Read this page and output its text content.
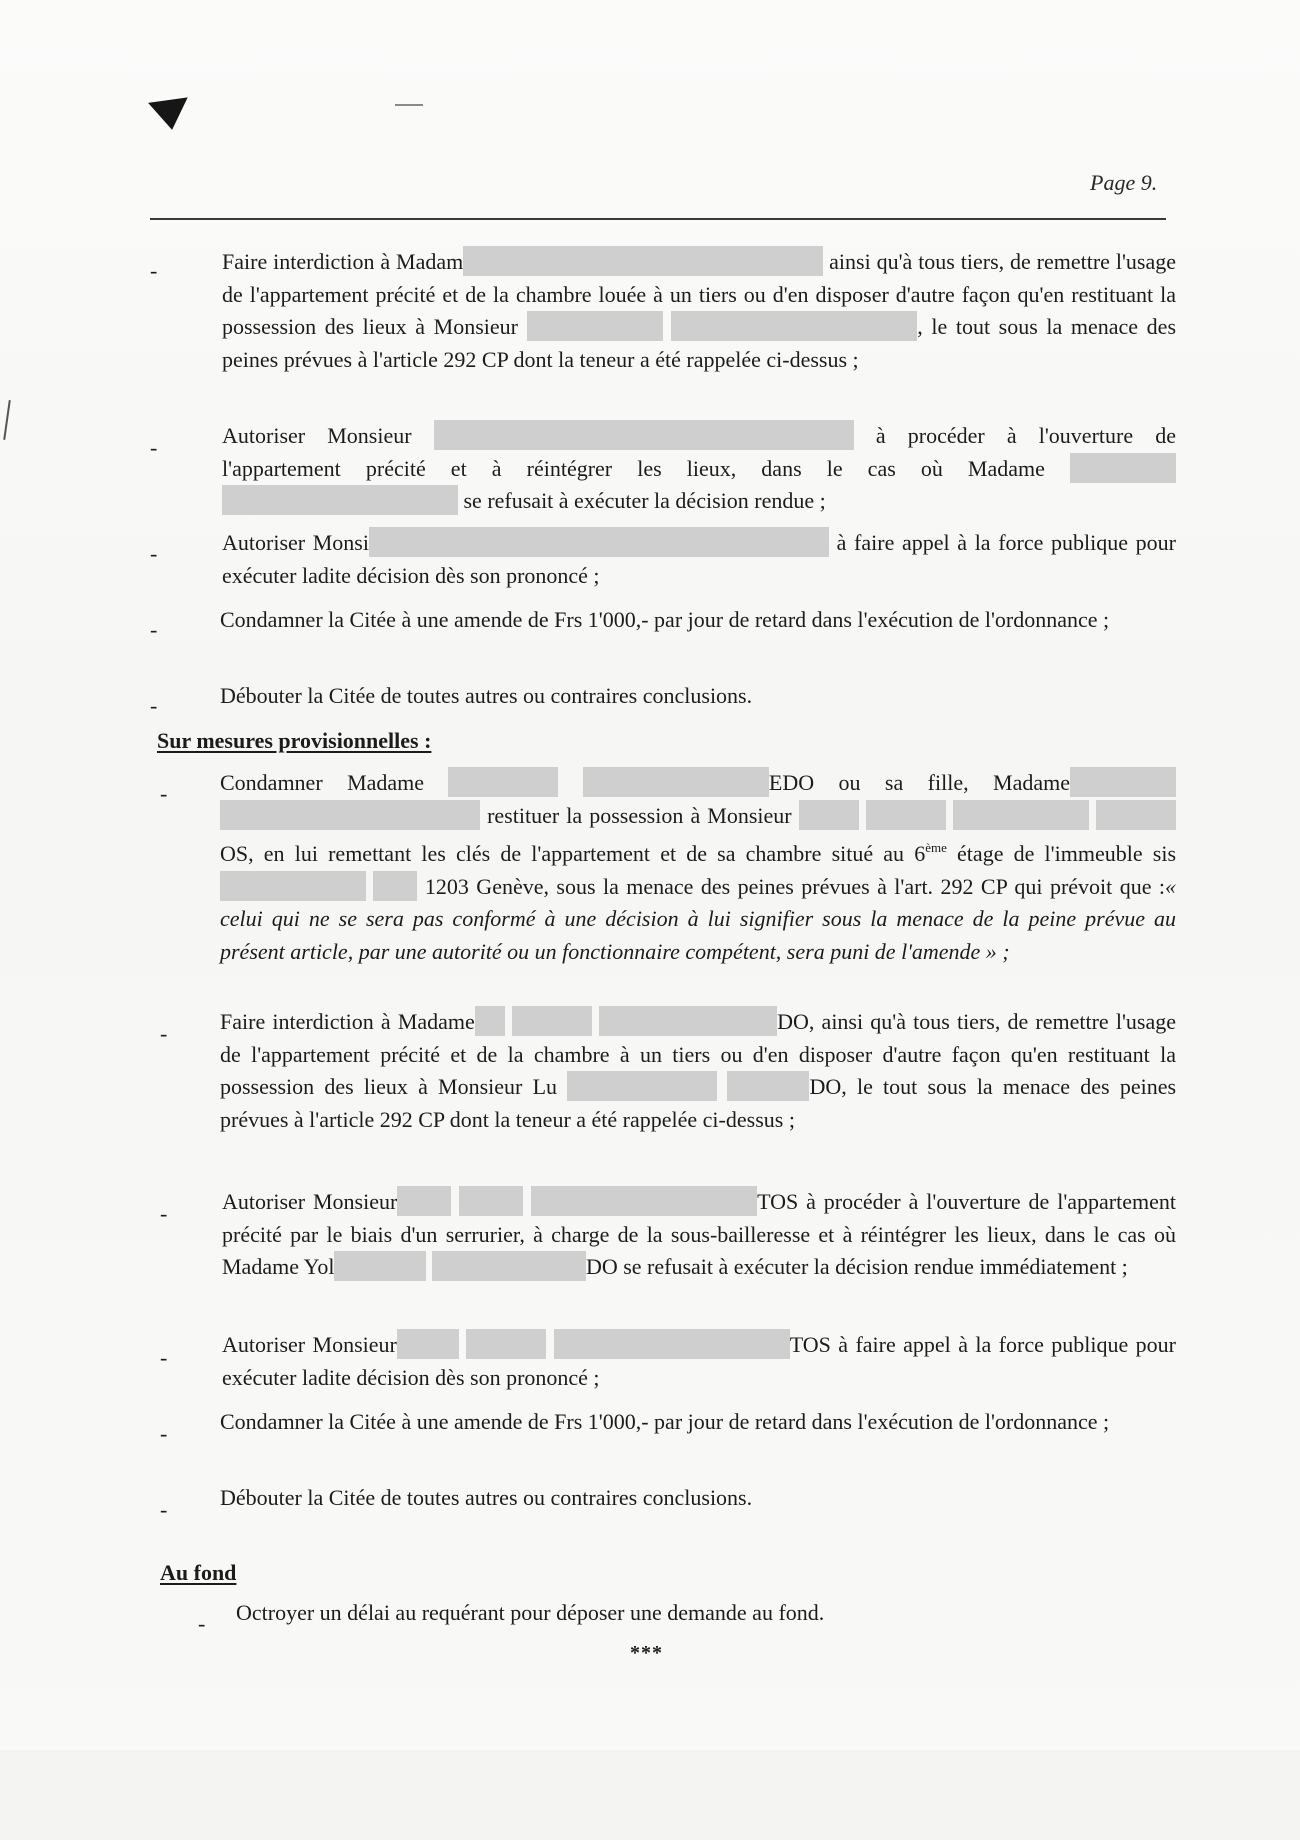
Page 9.
-	Faire interdiction à Madam	ainsi qu'à tous tiers, de remettre l'usage de l'appartement précité et de la chambre louée à un tiers ou d'en disposer d'autre façon qu'en restituant la possession des lieux à Monsieur	, le tout sous la menace des peines prévues à l'article 292 CP dont la teneur a été rappelée ci-dessus ;

-	Autoriser Monsieur	à procéder à l'ouverture de l'appartement précité et à réintégrer les lieux, dans le cas où Madame   se refusait à exécuter la décision rendue ;

-	Autoriser Monsi	à faire appel à la force publique pour exécuter ladite décision dès son prononcé ;

-	Condamner la Citée à une amende de Frs 1'000,- par jour de retard dans l'exécution de l'ordonnance ;

-	Débouter la Citée de toutes autres ou contraires conclusions.

Sur mesures provisionnelles :
- Condamner Madame	EDO ou sa fille, Madame  restituer la possession à Monsieur    OS, en lui remettant les clés de l'appartement et de sa chambre situé au 6ème étage de l'immeuble sis   1203 Genève, sous la menace des peines prévues à l'art. 292 CP qui prévoit que :« celui qui ne se sera pas conformé à une décision à lui signifier sous la menace de la peine prévue au présent article, par une autorité ou un fonctionnaire compétent, sera puni de l'amende » ;

- Faire interdiction à Madame	DO, ainsi qu'à tous tiers, de remettre l'usage de l'appartement précité et de la chambre à un tiers ou d'en disposer d'autre façon qu'en restituant la possession des lieux à Monsieur Lu	DO, le tout sous la menace des peines prévues à l'article 292 CP dont la teneur a été rappelée ci-dessus ;

- Autoriser Monsieur	TOS à procéder à l'ouverture de l'appartement précité par le biais d'un serrurier, à charge de la sous-bailleresse et à réintégrer les lieux, dans le cas où Madame Yol	DO se refusait à exécuter la décision rendue immédiatement ;

-

Autoriser Monsieur	TOS à faire appel à la force publique pour exécuter ladite décision dès son prononcé ;

- Condamner la Citée à une amende de Frs 1'000,- par jour de retard dans l'exécution de l'ordonnance ;

- Débouter la Citée de toutes autres ou contraires conclusions.

Au fond
- Octroyer un délai au requérant pour déposer une demande au fond.

***
